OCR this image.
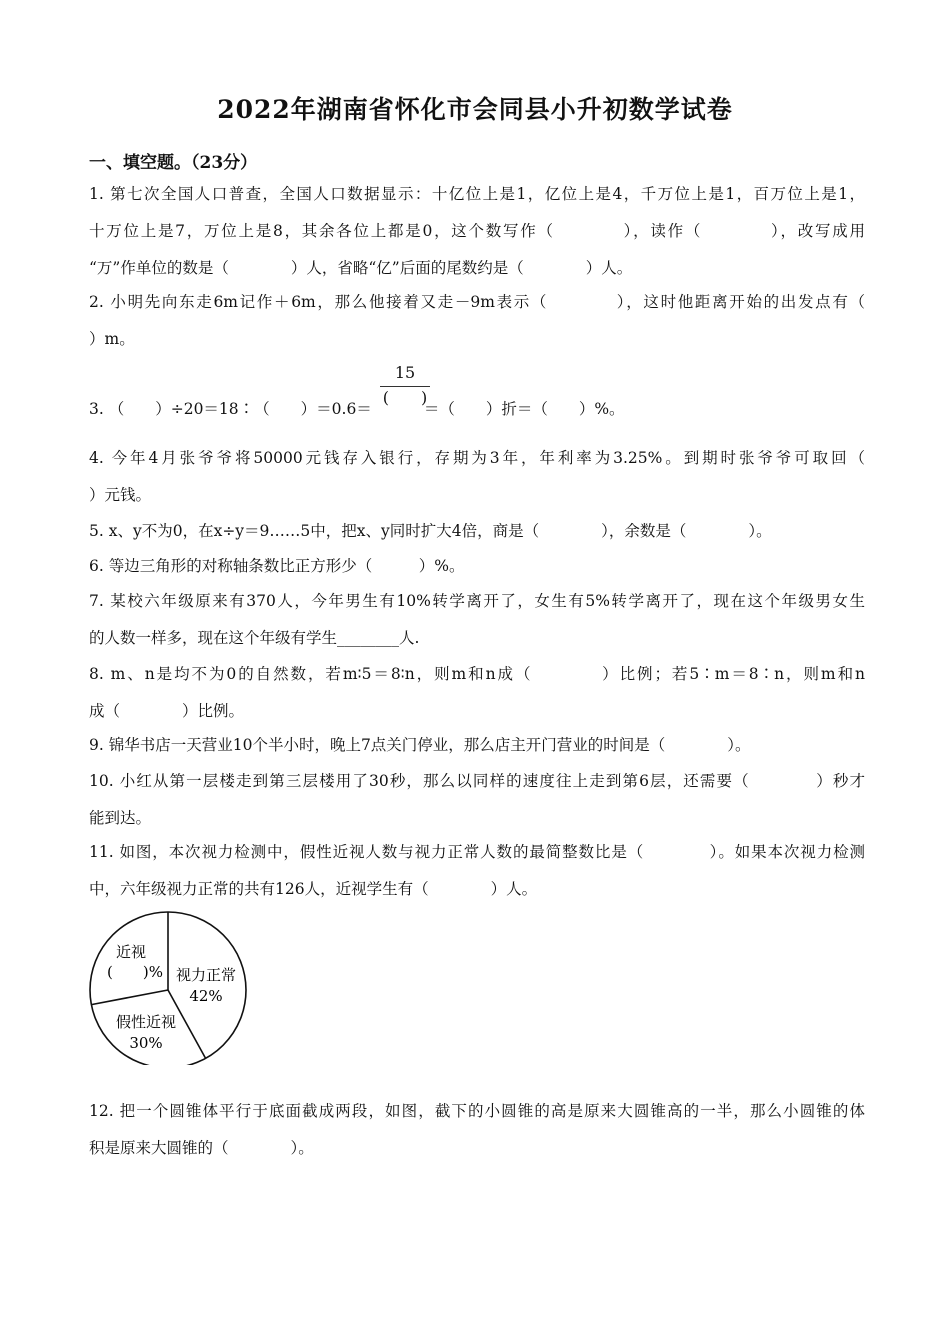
2022年湖南省怀化市会同县小升初数学试卷
一、填空题。（23分）

1. 第七次全国人口普查，全国人口数据显示：十亿位上是1，亿位上是4，千万位上是1，百万位上是1，

十万位上是7，万位上是8，其余各位上都是0，这个数写作（　　　　），读作（　　　　），改写成用

“万”作单位的数是（　　　　）人，省略“亿”后面的尾数约是（　　　　）人。

2. 小明先向东走6m记作＋6m，那么他接着又走－9m表示（　　　　），这时他距离开始的出发点有（

）m。

3. （　　）÷20＝18∶（　　）＝0.6＝	＝（　　）折＝（　　）%。

15
(　　)

4. 今年4月张爷爷将50000元钱存入银行，存期为3年，年利率为3.25%。到期时张爷爷可取回（

）元钱。

5. x、y不为0，在x÷y＝9……5中，把x、y同时扩大4倍，商是（　　　　），余数是（　　　　）。

6. 等边三角形的对称轴条数比正方形少（　　　）%。

7. 某校六年级原来有370人，今年男生有10%转学离开了，女生有5%转学离开了，现在这个年级男女生

的人数一样多，现在这个年级有学生________人.

8. m、n是均不为0的自然数，若m∶5＝8∶n，则m和n成（　　　　）比例；若5∶m＝8∶n，则m和n

成（　　　　）比例。

9. 锦华书店一天营业10个半小时，晚上7点关门停业，那么店主开门营业的时间是（　　　　）。

10. 小红从第一层楼走到第三层楼用了30秒，那么以同样的速度往上走到第6层，还需要（　　　　）秒才

能到达。

11. 如图，本次视力检测中，假性近视人数与视力正常人数的最简整数比是（　　　　）。如果本次视力检测

中，六年级视力正常的共有126人，近视学生有（　　　　）人。

视力正常
42%
假性近视
30%
近视
(　　)%

12. 把一个圆锥体平行于底面截成两段，如图，截下的小圆锥的高是原来大圆锥高的一半，那么小圆锥的体

积是原来大圆锥的（　　　　）。
